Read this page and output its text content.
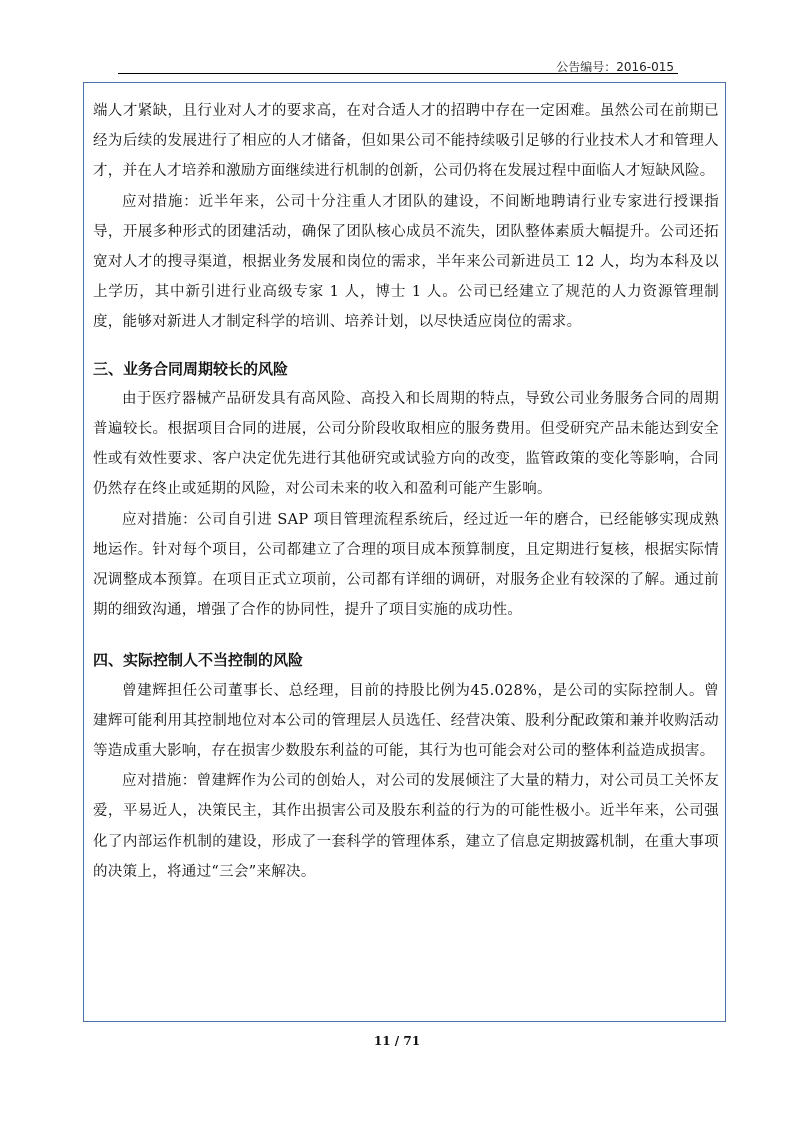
公告编号：2016-015

端人才紧缺，且行业对人才的要求高，在对合适人才的招聘中存在一定困难。虽然公司在前期已经为后续的发展进行了相应的人才储备，但如果公司不能持续吸引足够的行业技术人才和管理人才，并在人才培养和激励方面继续进行机制的创新，公司仍将在发展过程中面临人才短缺风险。

应对措施：近半年来，公司十分注重人才团队的建设，不间断地聘请行业专家进行授课指导，开展多种形式的团建活动，确保了团队核心成员不流失，团队整体素质大幅提升。公司还拓宽对人才的搜寻渠道，根据业务发展和岗位的需求，半年来公司新进员工 12 人，均为本科及以上学历，其中新引进行业高级专家 1 人，博士 1 人。公司已经建立了规范的人力资源管理制度，能够对新进人才制定科学的培训、培养计划，以尽快适应岗位的需求。

三、业务合同周期较长的风险

由于医疗器械产品研发具有高风险、高投入和长周期的特点，导致公司业务服务合同的周期普遍较长。根据项目合同的进展，公司分阶段收取相应的服务费用。但受研究产品未能达到安全性或有效性要求、客户决定优先进行其他研究或试验方向的改变，监管政策的变化等影响，合同仍然存在终止或延期的风险，对公司未来的收入和盈利可能产生影响。

应对措施：公司自引进 SAP 项目管理流程系统后，经过近一年的磨合，已经能够实现成熟地运作。针对每个项目，公司都建立了合理的项目成本预算制度，且定期进行复核，根据实际情况调整成本预算。在项目正式立项前，公司都有详细的调研，对服务企业有较深的了解。通过前期的细致沟通，增强了合作的协同性，提升了项目实施的成功性。

四、实际控制人不当控制的风险

曾建辉担任公司董事长、总经理，目前的持股比例为45.028%，是公司的实际控制人。曾建辉可能利用其控制地位对本公司的管理层人员选任、经营决策、股利分配政策和兼并收购活动等造成重大影响，存在损害少数股东利益的可能，其行为也可能会对公司的整体利益造成损害。

应对措施：曾建辉作为公司的创始人，对公司的发展倾注了大量的精力，对公司员工关怀友爱，平易近人，决策民主，其作出损害公司及股东利益的行为的可能性极小。近半年来，公司强化了内部运作机制的建设，形成了一套科学的管理体系，建立了信息定期披露机制，在重大事项的决策上，将通过“三会”来解决。

11 / 71
